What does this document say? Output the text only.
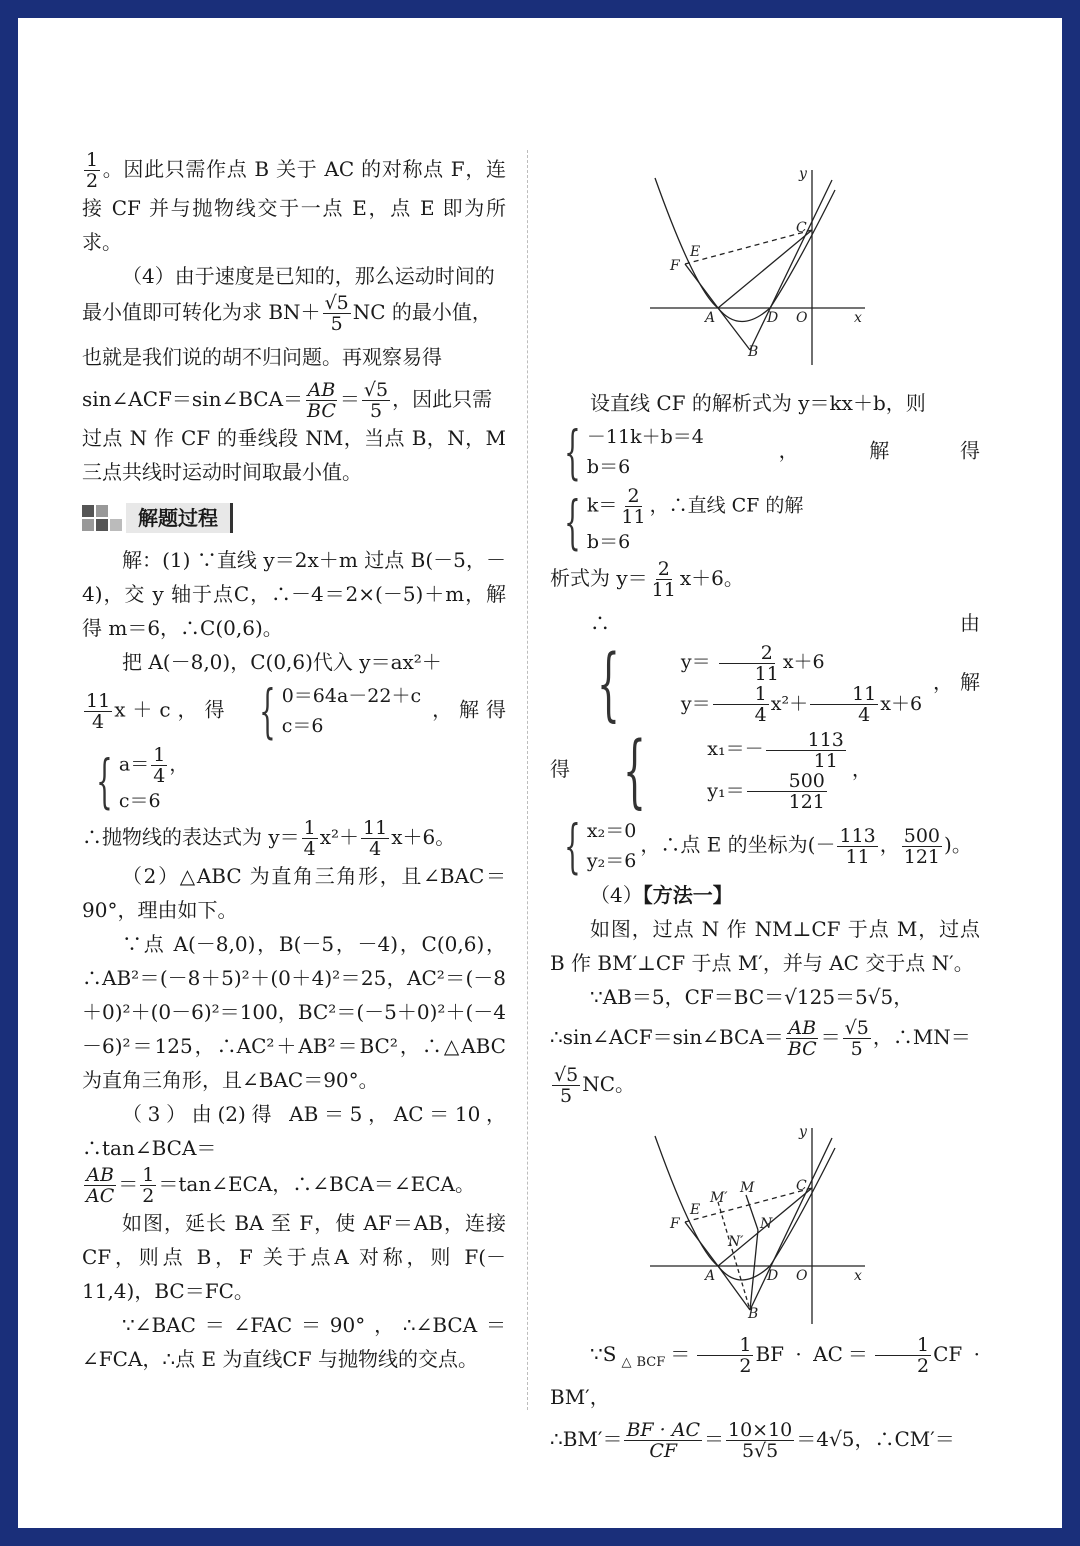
$\frac{1}{2}$ 。因此只需作点 B 关于 AC 的对称点 F，连接 CF 并与抛物线交于一点 E，点 E 即为所求。

（4）由于速度是已知的，那么运动时间的

最小值即可转化为求 $BN+ \frac{√5}{5}$ NC 的最小值，

也就是我们说的胡不归问题。再观察易得

sin∠ACF＝sin∠BCA＝ $\frac{AB}{BC} = \frac{√5}{5}$ ，因此只需

过点 N 作 CF 的垂线段 NM，当点 B，N，M 三点共线时运动时间取最小值。

解题过程

解：(1) ∵直线 y＝2x＋m 过点 B(－5，－4)，交 y 轴于点C，∴－4＝2×(－5)＋m，解得 m＝6，∴C(0,6)。

把 A(－8,0)，C(0,6)代入 y＝ax²＋

$\frac{11}{4} x+c$，得 { 0＝64a－22＋c
c＝6
，解得
{ $a= \frac{1}{4}$ ，
c＝6

∴抛物线的表达式为 $y= \frac{1}{4} x^2+ \frac{11}{4} x+6$。

（2）△ABC 为直角三角形，且∠BAC＝90°，理由如下。

∵点 A(－8,0)，B(－5，－4)，C(0,6)，∴AB²＝(－8＋5)²＋(0＋4)²＝25，AC²＝(－8＋0)²＋(0－6)²＝100，BC²＝(－5＋0)²＋(－4－6)²＝125，∴AC²＋AB²＝BC²，∴△ABC 为直角三角形，且∠BAC＝90°。

（3）由(2)得 AB＝5，AC＝10，∴tan∠BCA＝

$\frac{AB}{AC} = \frac{1}{2}$ ＝tan∠ECA，∴∠BCA＝∠ECA。

如图，延长 BA 至 F，使 AF＝AB，连接 CF，则点 B，F 关于点A 对称，则 F(－11,4)，BC＝FC。

∵∠BAC＝∠FAC＝90°，∴∠BCA＝∠FCA，∴点 E 为直线CF 与抛物线的交点。

y
x
C
E
F
A	D O
B

设直线 CF 的解析式为 y＝kx＋b，则

{ －11k＋b＝4
b＝6
，解得
{ $k= \frac{2}{11}$ ，∴直线 CF 的解
b＝6

析式为 $y= \frac{2}{11} x+6$。

∴由
{	$y= \frac{2}{11} x+6$
$y= \frac{1}{4} x^2+ \frac{11}{4} x+6$
，解得 {	$x_1=- \frac{113}{11}$
$y_1= \frac{500}{121}$
，

{ x₂＝0
y₂＝6
，∴点 E 的坐标为(－ $\frac{113}{11}$ ， $\frac{500}{121}$ )。

（4）【方法一】

如图，过点 N 作 NM⊥CF 于点 M，过点 B 作 BM′⊥CF 于点 M′，并与 AC 交于点 N′。

∵AB＝5，CF＝BC＝√125＝5√5，

∴sin∠ACF＝sin∠BCA＝ $\frac{AB}{BC} = \frac{√5}{5}$ ，∴MN＝

$\frac{√5}{5}$ NC。

y
x
C
E
F
M′
M
N
N′
A	D O
B

$\because S_{\triangle BCF}= \frac{1}{2}$ BF · $AC= \frac{1}{2}$ CF · BM′，

∴BM′＝ $\frac{BF \cdot AC}{CF} = \frac{10\times 10}{5√5} =4√5$，∴CM′＝
